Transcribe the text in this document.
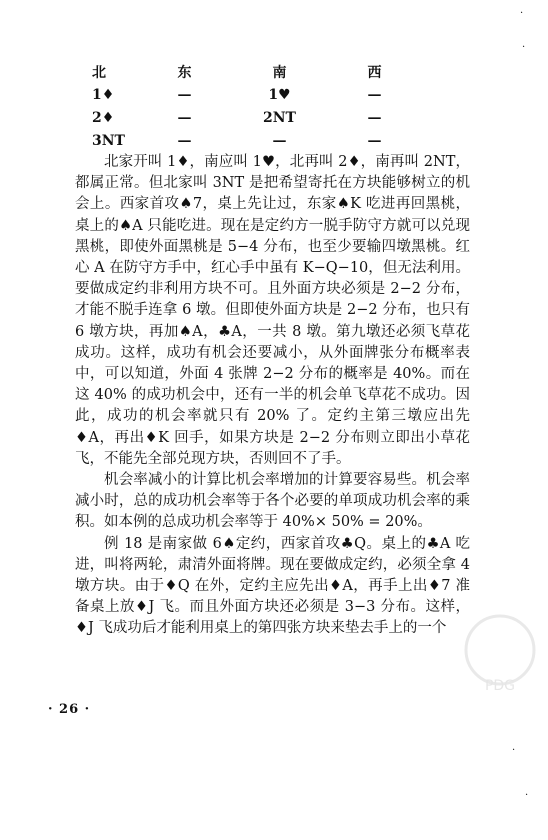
北	东	南	西
1♦	—	1♥	—
2♦	—	2NT	—
3NT	—	—	—

北家开叫 1♦，南应叫 1♥，北再叫 2♦，南再叫 2NT，都属正常。但北家叫 3NT 是把希望寄托在方块能够树立的机会上。西家首攻♠7，桌上先让过，东家♠K 吃进再回黑桃，桌上的♠A 只能吃进。现在是定约方一脱手防守方就可以兑现黑桃，即使外面黑桃是 5−4 分布，也至少要输四墩黑桃。红心 A 在防守方手中，红心手中虽有 K−Q−10，但无法利用。要做成定约非利用方块不可。且外面方块必须是 2−2 分布，才能不脱手连拿 6 墩。但即使外面方块是 2−2 分布，也只有 6 墩方块，再加♠A，♣A，一共 8 墩。第九墩还必须飞草花成功。这样，成功有机会还要减小，从外面牌张分布概率表中，可以知道，外面 4 张牌 2−2 分布的概率是 40%。而在这 40% 的成功机会中，还有一半的机会单飞草花不成功。因此，成功的机会率就只有 20% 了。定约主第三墩应出先♦A，再出♦K 回手，如果方块是 2−2 分布则立即出小草花飞，不能先全部兑现方块，否则回不了手。

机会率减小的计算比机会率增加的计算要容易些。机会率减小时，总的成功机会率等于各个必要的单项成功机会率的乘积。如本例的总成功机会率等于 40%× 50% = 20%。

例 18 是南家做 6♠定约，西家首攻♣Q。桌上的♣A 吃进，叫将两轮，肃清外面将牌。现在要做成定约，必须全拿 4 墩方块。由于♦Q 在外，定约主应先出♦A，再手上出♦7 准备桌上放♦J 飞。而且外面方块还必须是 3−3 分布。这样，♦J 飞成功后才能利用桌上的第四张方块来垫去手上的一个

· 26 ·
·
·
·
·
PDG
